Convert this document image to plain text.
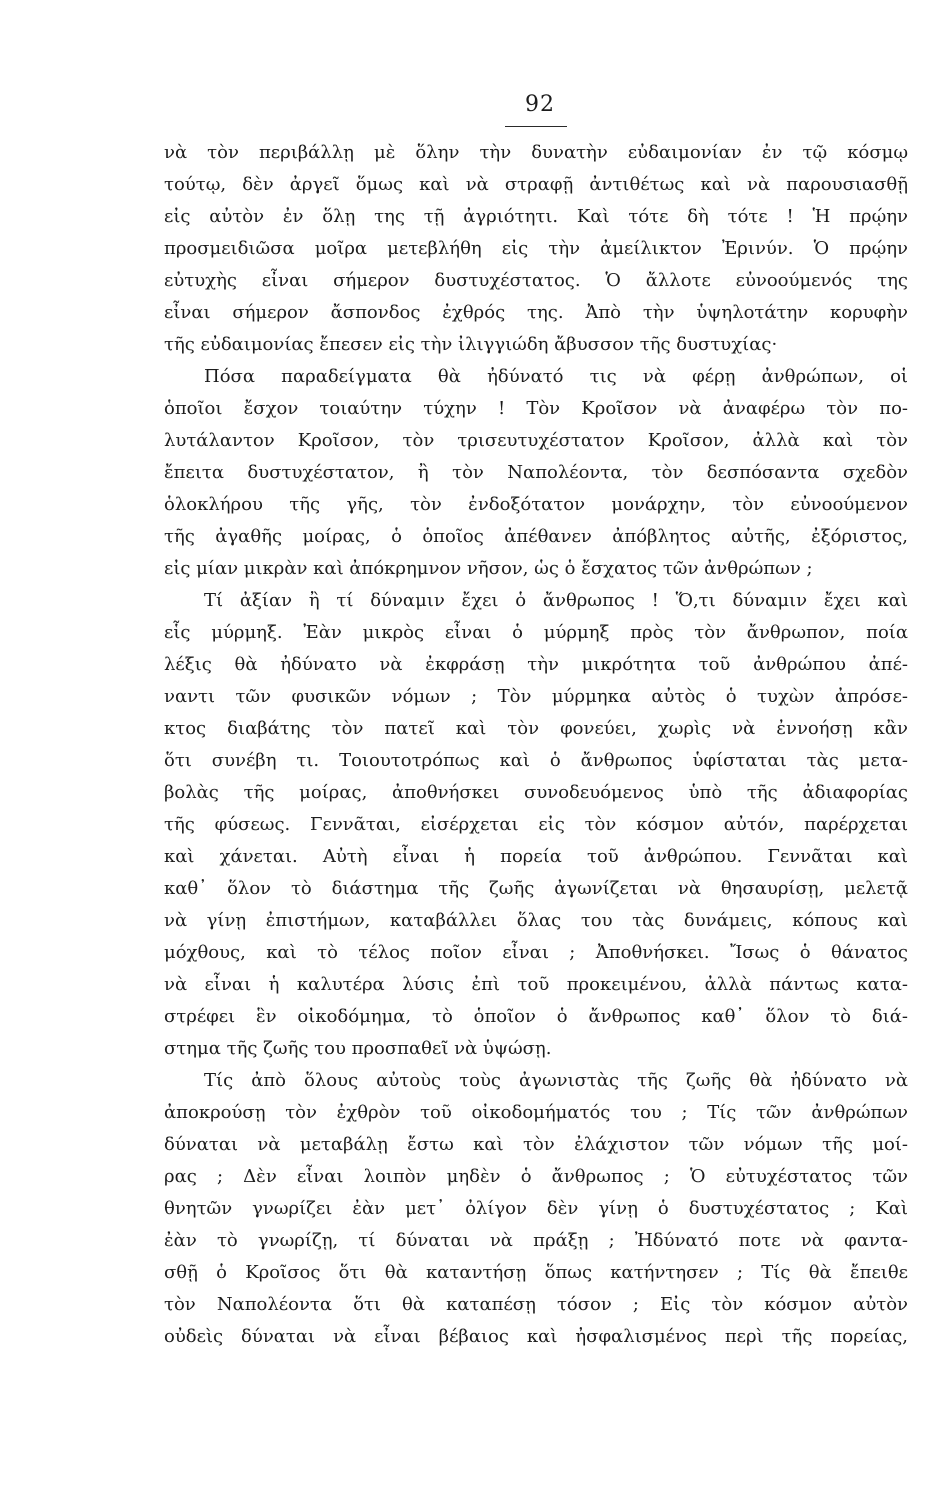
92
νὰ τὸν περιβάλλῃ μὲ ὅλην τὴν δυνατὴν εὐδαιμονίαν ἐν τῷ κόσμῳ
τούτῳ, δὲν ἀργεῖ ὅμως καὶ νὰ στραφῇ ἀντιθέτως καὶ νὰ παρουσιασθῇ
εἰς αὐτὸν ἐν ὅλῃ της τῇ ἀγριότητι. Καὶ τότε δὴ τότε ! Ἡ πρῴην
προσμειδιῶσα μοῖρα μετεβλήθη εἰς τὴν ἀμείλικτον Ἐρινύν. Ὁ πρῴην
εὐτυχὴς εἶναι σήμερον δυστυχέστατος. Ὁ ἄλλοτε εὐνοούμενός της
εἶναι σήμερον ἄσπονδος ἐχθρός της. Ἀπὸ τὴν ὑψηλοτάτην κορυφὴν
τῆς εὐδαιμονίας ἔπεσεν εἰς τὴν ἰλιγγιώδη ἄβυσσον τῆς δυστυχίας·
Πόσα παραδείγματα θὰ ἠδύνατό τις νὰ φέρῃ ἀνθρώπων, οἱ
ὁποῖοι ἔσχον τοιαύτην τύχην ! Τὸν Κροῖσον νὰ ἀναφέρω τὸν πο-
λυτάλαντον Κροῖσον, τὸν τρισευτυχέστατον Κροῖσον, ἀλλὰ καὶ τὸν
ἔπειτα δυστυχέστατον, ἢ τὸν Ναπολέοντα, τὸν δεσπόσαντα σχεδὸν
ὁλοκλήρου τῆς γῆς, τὸν ἐνδοξότατον μονάρχην, τὸν εὐνοούμενον
τῆς ἀγαθῆς μοίρας, ὁ ὁποῖος ἀπέθανεν ἀπόβλητος αὐτῆς, ἐξόριστος,
εἰς μίαν μικρὰν καὶ ἀπόκρημνον νῆσον, ὡς ὁ ἔσχατος τῶν ἀνθρώπων ;
Τί ἀξίαν ἢ τί δύναμιν ἔχει ὁ ἄνθρωπος ! Ὅ,τι δύναμιν ἔχει καὶ
εἷς μύρμηξ. Ἐὰν μικρὸς εἶναι ὁ μύρμηξ πρὸς τὸν ἄνθρωπον, ποία
λέξις θὰ ἠδύνατο νὰ ἐκφράσῃ τὴν μικρότητα τοῦ ἀνθρώπου ἀπέ-
ναντι τῶν φυσικῶν νόμων ; Τὸν μύρμηκα αὐτὸς ὁ τυχὼν ἀπρόσε-
κτος διαβάτης τὸν πατεῖ καὶ τὸν φονεύει, χωρὶς νὰ ἐννοήσῃ κἂν
ὅτι συνέβη τι. Τοιουτοτρόπως καὶ ὁ ἄνθρωπος ὑφίσταται τὰς μετα-
βολὰς τῆς μοίρας, ἀποθνήσκει συνοδευόμενος ὑπὸ τῆς ἀδιαφορίας
τῆς φύσεως. Γεννᾶται, εἰσέρχεται εἰς τὸν κόσμον αὐτόν, παρέρχεται
καὶ χάνεται. Αὐτὴ εἶναι ἡ πορεία τοῦ ἀνθρώπου. Γεννᾶται καὶ
καθ᾽ ὅλον τὸ διάστημα τῆς ζωῆς ἀγωνίζεται νὰ θησαυρίσῃ, μελετᾷ
νὰ γίνῃ ἐπιστήμων, καταβάλλει ὅλας του τὰς δυνάμεις, κόπους καὶ
μόχθους, καὶ τὸ τέλος ποῖον εἶναι ; Ἀποθνήσκει. Ἴσως ὁ θάνατος
νὰ εἶναι ἡ καλυτέρα λύσις ἐπὶ τοῦ προκειμένου, ἀλλὰ πάντως κατα-
στρέφει ἓν οἰκοδόμημα, τὸ ὁποῖον ὁ ἄνθρωπος καθ᾽ ὅλον τὸ διά-
στημα τῆς ζωῆς του προσπαθεῖ νὰ ὑψώσῃ.
Τίς ἀπὸ ὅλους αὐτοὺς τοὺς ἀγωνιστὰς τῆς ζωῆς θὰ ἠδύνατο νὰ
ἀποκρούσῃ τὸν ἐχθρὸν τοῦ οἰκοδομήματός του ; Τίς τῶν ἀνθρώπων
δύναται νὰ μεταβάλῃ ἔστω καὶ τὸν ἐλάχιστον τῶν νόμων τῆς μοί-
ρας ; Δὲν εἶναι λοιπὸν μηδὲν ὁ ἄνθρωπος ; Ὁ εὐτυχέστατος τῶν
θνητῶν γνωρίζει ἐὰν μετ᾽ ὀλίγον δὲν γίνῃ ὁ δυστυχέστατος ; Καὶ
ἐὰν τὸ γνωρίζῃ, τί δύναται νὰ πράξῃ ; Ἠδύνατό ποτε νὰ φαντα-
σθῇ ὁ Κροῖσος ὅτι θὰ καταντήσῃ ὅπως κατήντησεν ; Τίς θὰ ἔπειθε
τὸν Ναπολέοντα ὅτι θὰ καταπέσῃ τόσον ; Εἰς τὸν κόσμον αὐτὸν
οὐδεὶς δύναται νὰ εἶναι βέβαιος καὶ ἠσφαλισμένος περὶ τῆς πορείας,
